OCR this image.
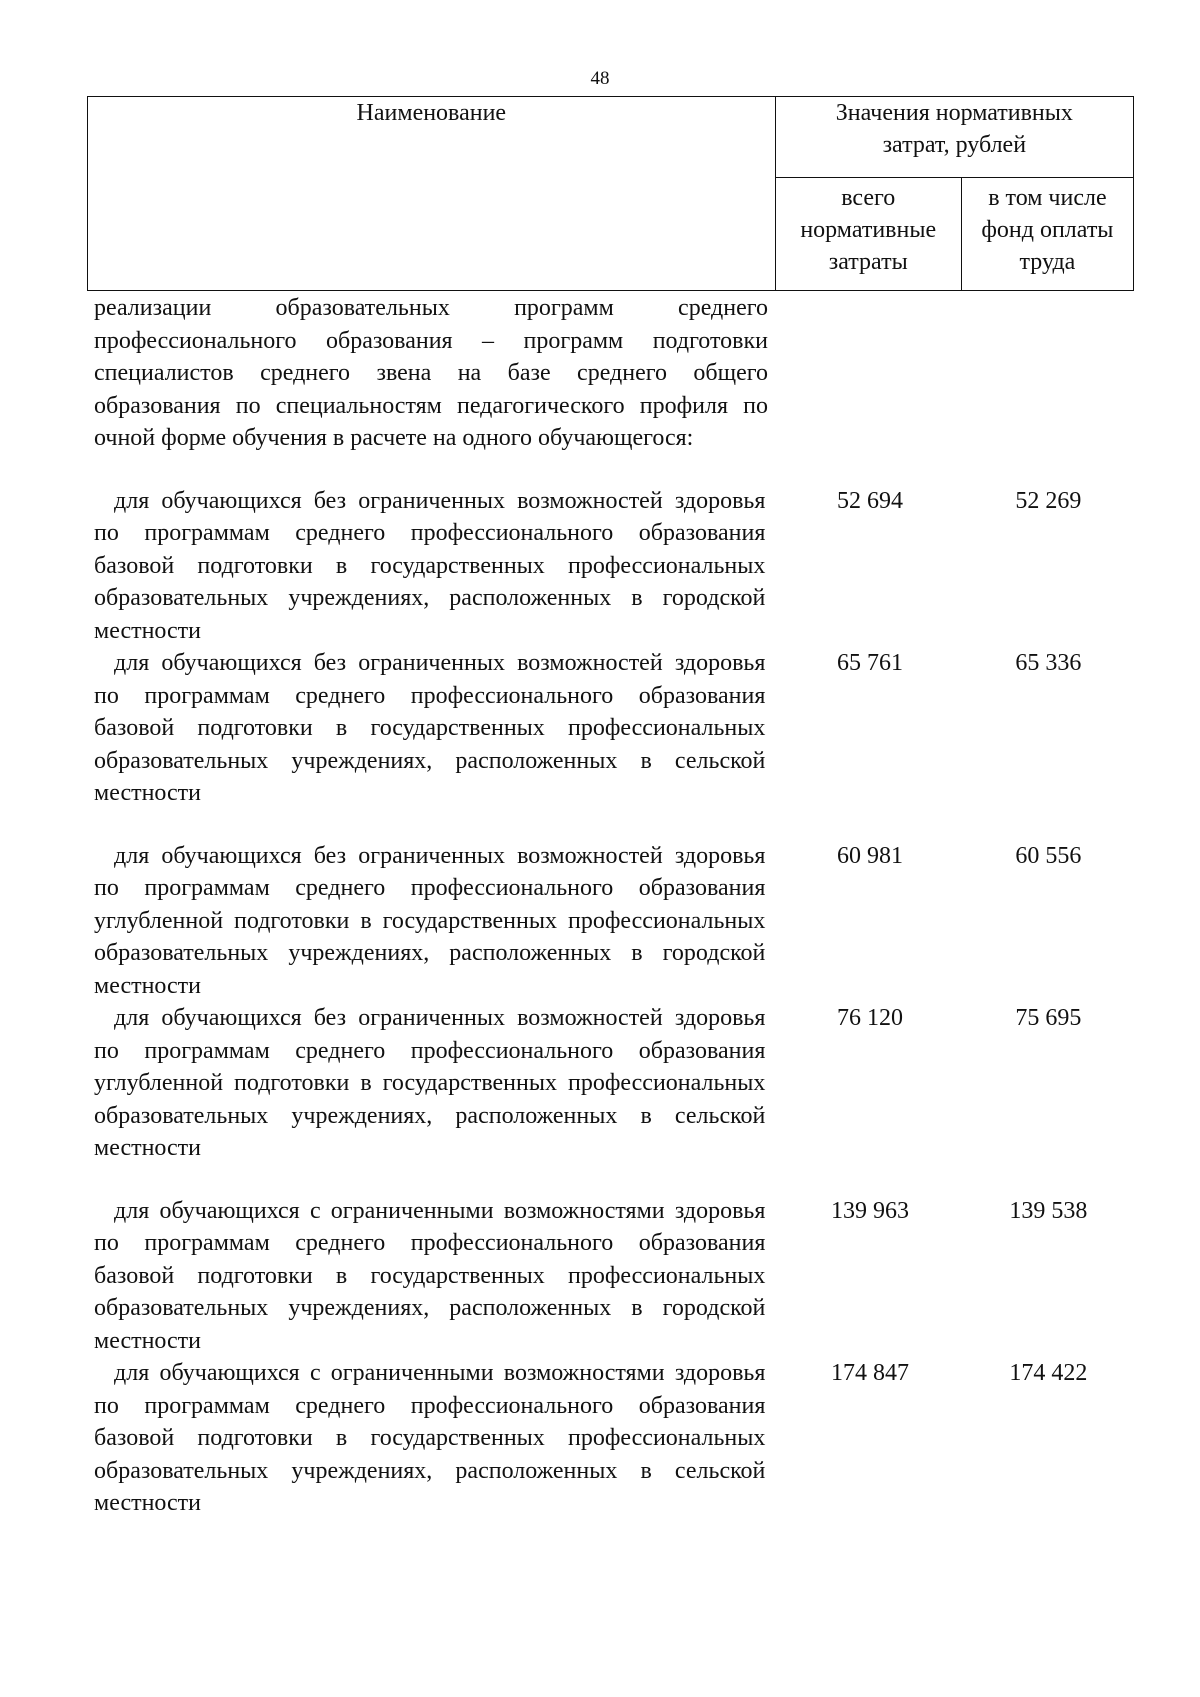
48
Наименование	Значения нормативных затрат, рублей	

	всего нормативные затраты	в том числе фонд оплаты труда
реализации образовательных программ среднего профессионального образования – программ подготовки специалистов среднего звена на базе среднего общего образования по специальностям педагогического профиля по очной форме обучения в расчете на одного обучающегося:
для обучающихся без ограниченных возможностей здоровья по программам среднего профессионального образования базовой подготовки в государственных профессиональных образовательных учреждениях, расположенных в городской местности
52 694	52 269
для обучающихся без ограниченных возможностей здоровья по программам среднего профессионального образования базовой подготовки в государственных профессиональных образовательных учреждениях, расположенных в сельской местности
65 761	65 336
для обучающихся без ограниченных возможностей здоровья по программам среднего профессионального образования углубленной подготовки в государственных профессиональных образовательных учреждениях, расположенных в городской местности
60 981	60 556
для обучающихся без ограниченных возможностей здоровья по программам среднего профессионального образования углубленной подготовки в государственных профессиональных образовательных учреждениях, расположенных в сельской местности
76 120	75 695
для обучающихся с ограниченными возможностями здоровья по программам среднего профессионального образования базовой подготовки в государственных профессиональных образовательных учреждениях, расположенных в городской местности
139 963	139 538
для обучающихся с ограниченными возможностями здоровья по программам среднего профессионального образования базовой подготовки в государственных профессиональных образовательных учреждениях, расположенных в сельской местности
174 847	174 422
